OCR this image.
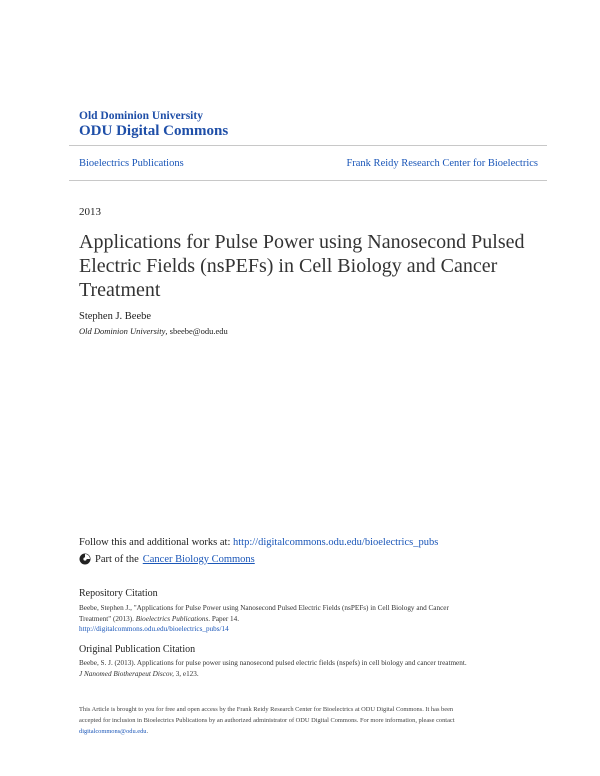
Old Dominion University
ODU Digital Commons
Bioelectrics Publications	Frank Reidy Research Center for Bioelectrics
2013
Applications for Pulse Power using Nanosecond Pulsed Electric Fields (nsPEFs) in Cell Biology and Cancer Treatment
Stephen J. Beebe
Old Dominion University, sbeebe@odu.edu
Follow this and additional works at: http://digitalcommons.odu.edu/bioelectrics_pubs
Part of the Cancer Biology Commons
Repository Citation
Beebe, Stephen J., "Applications for Pulse Power using Nanosecond Pulsed Electric Fields (nsPEFs) in Cell Biology and Cancer
Treatment" (2013). Bioelectrics Publications. Paper 14.
http://digitalcommons.odu.edu/bioelectrics_pubs/14
Original Publication Citation
Beebe, S. J. (2013). Applications for pulse power using nanosecond pulsed electric fields (nspefs) in cell biology and cancer treatment.
J Nanomed Biotherapeut Discov, 3, e123.
This Article is brought to you for free and open access by the Frank Reidy Research Center for Bioelectrics at ODU Digital Commons. It has been
accepted for inclusion in Bioelectrics Publications by an authorized administrator of ODU Digital Commons. For more information, please contact
digitalcommons@odu.edu.
